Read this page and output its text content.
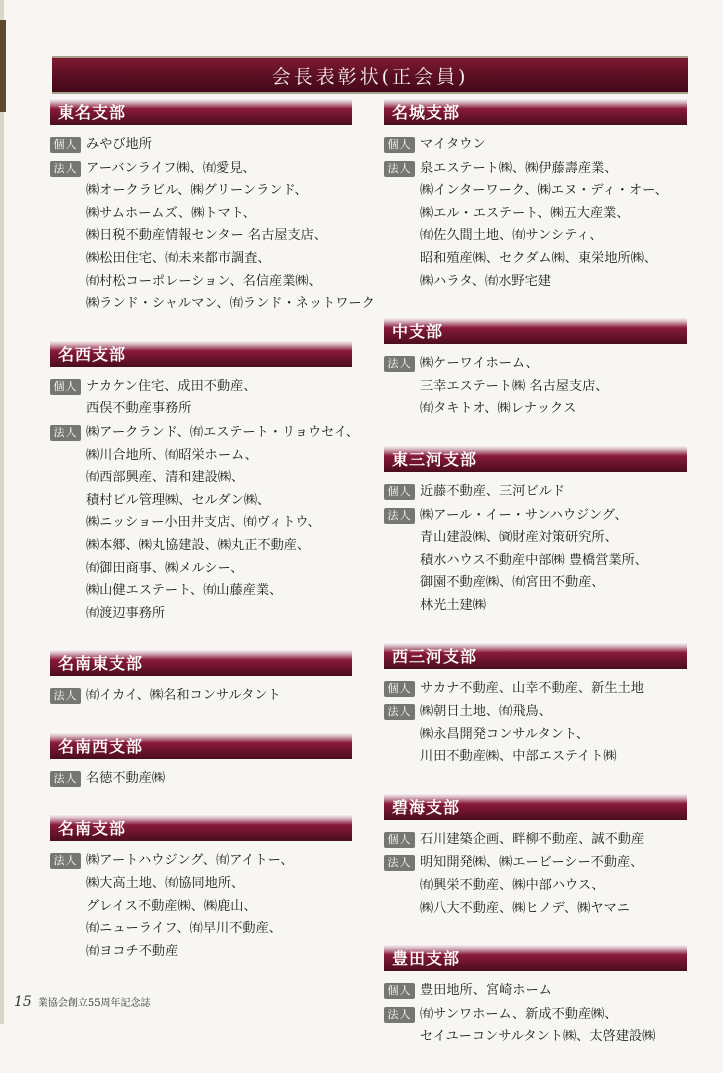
会長表彰状(正会員)
東名支部
個人 みやび地所
法人 アーバンライフ㈱、㈲愛見、
㈱オークラビル、㈱グリーンランド、
㈱サムホームズ、㈱トマト、
㈱日税不動産情報センター 名古屋支店、
㈱松田住宅、㈲未来都市調査、
㈲村松コーポレーション、名信産業㈱、
㈱ランド・シャルマン、㈲ランド・ネットワーク
名西支部
個人 ナカケン住宅、成田不動産、
西俣不動産事務所
法人 ㈱アークランド、㈲エステート・リョウセイ、
㈱川合地所、㈲昭栄ホーム、
㈲西部興産、清和建設㈱、
積村ビル管理㈱、セルダン㈱、
㈱ニッショー小田井支店、㈲ヴィトウ、
㈱本郷、㈱丸協建設、㈱丸正不動産、
㈲御田商事、㈱メルシー、
㈱山健エステート、㈲山藤産業、
㈲渡辺事務所
名南東支部
法人 ㈲イカイ、㈱名和コンサルタント
名南西支部
法人 名徳不動産㈱
名南支部
法人 ㈱アートハウジング、㈲アイトー、
㈱大高土地、㈲協同地所、
グレイス不動産㈱、㈱鹿山、
㈲ニューライフ、㈲早川不動産、
㈲ヨコチ不動産
名城支部
個人 マイタウン
法人 泉エステート㈱、㈱伊藤壽産業、
㈱インターワーク、㈱エヌ・ディ・オー、
㈱エル・エステート、㈱五大産業、
㈲佐久間土地、㈲サンシティ、
昭和殖産㈱、セクダム㈱、東栄地所㈱、
㈱ハラタ、㈲水野宅建
中支部
法人 ㈱ケーワイホーム、
三幸エステート㈱ 名古屋支店、
㈲タキトオ、㈱レナックス
東三河支部
個人 近藤不動産、三河ビルド
法人 ㈱アール・イー・サンハウジング、
青山建設㈱、㈾財産対策研究所、
積水ハウス不動産中部㈱ 豊橋営業所、
御園不動産㈱、㈲宮田不動産、
林光土建㈱
西三河支部
個人 サカナ不動産、山幸不動産、新生土地
法人 ㈱朝日土地、㈲飛鳥、
㈱永昌開発コンサルタント、
川田不動産㈱、中部エステイト㈱
碧海支部
個人 石川建築企画、畔柳不動産、誠不動産
法人 明知開発㈱、㈱エービーシー不動産、
㈲興栄不動産、㈱中部ハウス、
㈱八大不動産、㈱ヒノデ、㈱ヤマニ
豊田支部
個人 豊田地所、宮崎ホーム
法人 ㈲サンワホーム、新成不動産㈱、
セイユーコンサルタント㈱、太啓建設㈱
15 業協会創立55周年記念誌
